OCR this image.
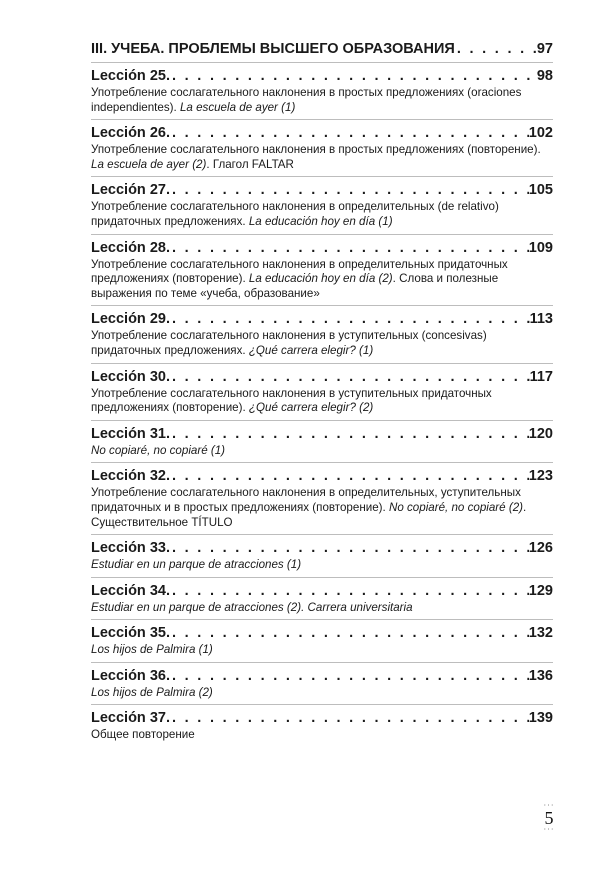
III. УЧЕБА. ПРОБЛЕМЫ ВЫСШЕГО ОБРАЗОВАНИЯ . . .	97
Lección 25. . . .	98
Употребление сослагательного наклонения в простых предложениях (oraciones independientes). La escuela de ayer (1)
Lección 26. . . .	102
Употребление сослагательного наклонения в простых предложениях (повторение). La escuela de ayer (2). Глагол FALTAR
Lección 27. . . .	105
Употребление сослагательного наклонения в определительных (de relativo) придаточных предложениях. La educación hoy en día (1)
Lección 28. . . .	109
Употребление сослагательного наклонения в определительных придаточных предложениях (повторение). La educación hoy en día (2). Слова и полезные выражения по теме «учеба, образование»
Lección 29. . . .	113
Употребление сослагательного наклонения в уступительных (concesivas) придаточных предложениях. ¿Qué carrera elegir? (1)
Lección 30. . . .	117
Употребление сослагательного наклонения в уступительных придаточных предложениях (повторение). ¿Qué carrera elegir? (2)
Lección 31. . . .	120
No copiaré, no copiaré (1)
Lección 32. . . .	123
Употребление сослагательного наклонения в определительных, уступительных придаточных и в простых предложениях (повторение). No copiaré, no copiaré (2). Существительное TÍTULO
Lección 33. . . .	126
Estudiar en un parque de atracciones (1)
Lección 34. . . .	129
Estudiar en un parque de atracciones (2). Carrera universitaria
Lección 35. . . .	132
Los hijos de Palmira (1)
Lección 36. . . .	136
Los hijos de Palmira (2)
Lección 37. . . .	139
Общее повторение
···
5
···
